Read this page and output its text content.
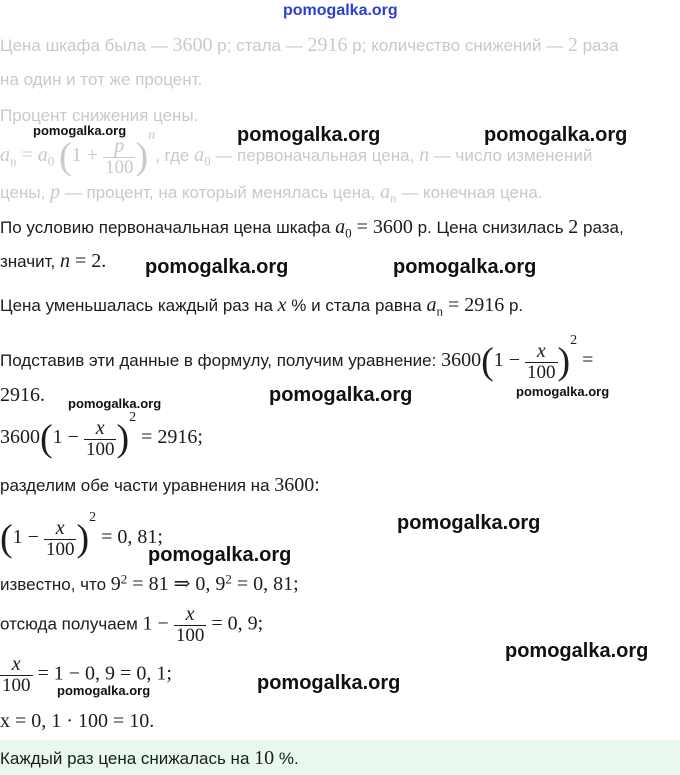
pomogalka.org
Цена шкафа была — 3600 р; стала — 2916 р; количество снижений — 2 раза
на один и тот же процент.
Процент снижения цены.
$a_n = a_0$ $(1 + \frac{p}{100} )^n$, где $a_0$ — первоначальная цена, n — число изменений
цены, p — процент, на который менялась цена, $a_n$ — конечная цена.
По условию первоначальная цена шкафа $a_0 = 3600$ р. Цена снизилась 2 раза,
значит, n = 2.
Цена уменьшалась каждый раз на x % и стала равна $a_n = 2916$ р.
Подставив эти данные в формулу, получим уравнение: $3600(1 - \frac{x}{100} )^2$ =
2916.
$3600(1 - \frac{x}{100} )^2 = 2916$;
разделим обе части уравнения на 3600:
$(1 - \frac{x}{100} )^2 = 0$, 81;
известно, что $9^2 = 81$ ⇒ 0, $9^2 = 0$, 81;
отсюда получаем $1 - \frac{x}{100} = 0$, 9;
$\frac{x}{100} = 1 - 0$, 9 = 0, 1;
x = 0, 1 · 100 = 10.
Каждый раз цена снижалась на 10 %.
pomogalka.org	pomogalka.org	pomogalka.org
pomogalka.org	pomogalka.org
pomogalka.org
pomogalka.org
pomogalka.org
pomogalka.org
pomogalka.org
pomogalka.org
pomogalka.org
pomogalka.org
